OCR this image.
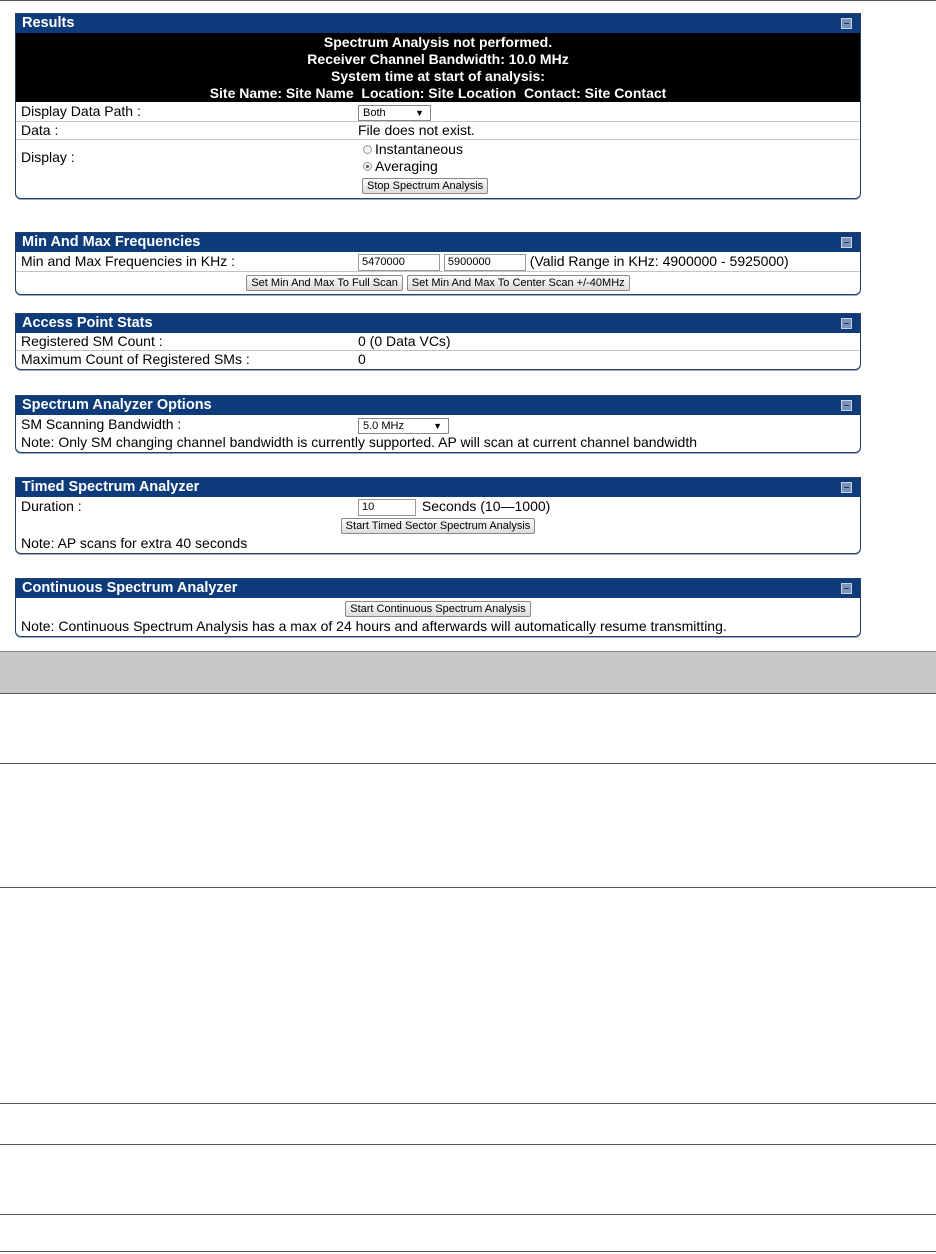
Results
Spectrum Analysis not performed.
Receiver Channel Bandwidth: 10.0 MHz
System time at start of analysis:
Site Name: Site Name  Location: Site Location  Contact: Site Contact
Display Data Path :	Both	▼
Data :	File does not exist.
Display :	Instantaneous
Averaging
Stop Spectrum Analysis
Min And Max Frequencies
Min and Max Frequencies in KHz :	5470000	5900000	(Valid Range in KHz: 4900000 - 5925000)
Set Min And Max To Full Scan Set Min And Max To Center Scan +/-40MHz
Access Point Stats
Registered SM Count :	0 (0 Data VCs)
Maximum Count of Registered SMs :	0
Spectrum Analyzer Options
SM Scanning Bandwidth :	5.0 MHz	▼
Note: Only SM changing channel bandwidth is currently supported. AP will scan at current channel bandwidth
Timed Spectrum Analyzer
Duration :	10	Seconds (10—1000)
Start Timed Sector Spectrum Analysis
Note: AP scans for extra 40 seconds
Continuous Spectrum Analyzer
Start Continuous Spectrum Analysis
Note: Continuous Spectrum Analysis has a max of 24 hours and afterwards will automatically resume transmitting.
